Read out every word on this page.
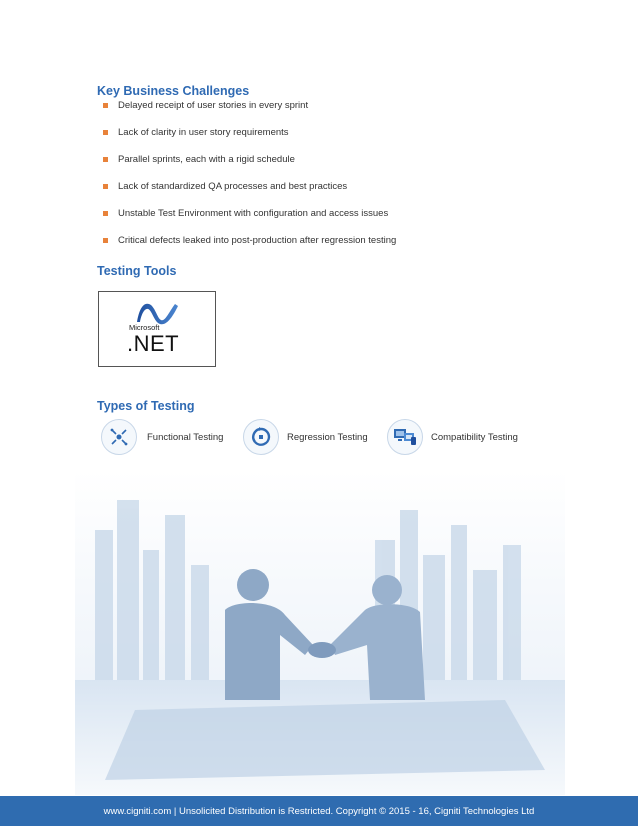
Key Business Challenges
Delayed receipt of user stories in every sprint
Lack of clarity in user story requirements
Parallel sprints, each with a rigid schedule
Lack of standardized QA processes and best practices
Unstable Test Environment with configuration and access issues
Critical defects leaked into post-production after regression testing
Testing Tools
Microsoft
.NET
Types of Testing
Functional Testing	Regression Testing	Compatibility Testing
www.cigniti.com | Unsolicited Distribution is Restricted. Copyright © 2015 - 16, Cigniti Technologies Ltd
